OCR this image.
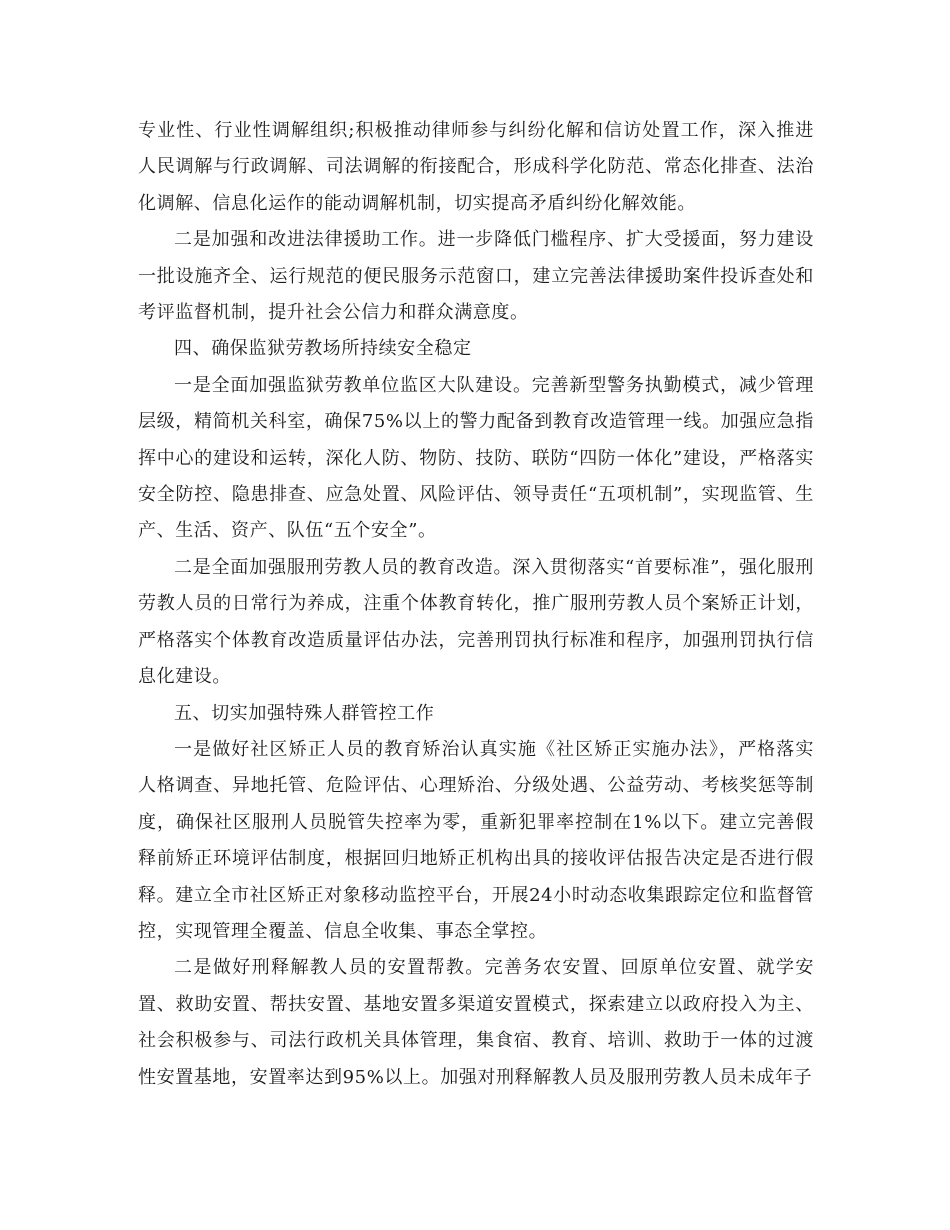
专业性、行业性调解组织;积极推动律师参与纠纷化解和信访处置工作，深入推进人民调解与行政调解、司法调解的衔接配合，形成科学化防范、常态化排查、法治化调解、信息化运作的能动调解机制，切实提高矛盾纠纷化解效能。

二是加强和改进法律援助工作。进一步降低门槛程序、扩大受援面，努力建设一批设施齐全、运行规范的便民服务示范窗口，建立完善法律援助案件投诉查处和考评监督机制，提升社会公信力和群众满意度。

四、确保监狱劳教场所持续安全稳定

一是全面加强监狱劳教单位监区大队建设。完善新型警务执勤模式，减少管理层级，精简机关科室，确保75%以上的警力配备到教育改造管理一线。加强应急指挥中心的建设和运转，深化人防、物防、技防、联防“四防一体化”建设，严格落实安全防控、隐患排查、应急处置、风险评估、领导责任“五项机制”，实现监管、生产、生活、资产、队伍“五个安全”。

二是全面加强服刑劳教人员的教育改造。深入贯彻落实“首要标准”，强化服刑劳教人员的日常行为养成，注重个体教育转化，推广服刑劳教人员个案矫正计划，严格落实个体教育改造质量评估办法，完善刑罚执行标准和程序，加强刑罚执行信息化建设。

五、切实加强特殊人群管控工作

一是做好社区矫正人员的教育矫治认真实施《社区矫正实施办法》，严格落实人格调查、异地托管、危险评估、心理矫治、分级处遇、公益劳动、考核奖惩等制度，确保社区服刑人员脱管失控率为零，重新犯罪率控制在1%以下。建立完善假释前矫正环境评估制度，根据回归地矫正机构出具的接收评估报告决定是否进行假释。建立全市社区矫正对象移动监控平台，开展24小时动态收集跟踪定位和监督管控，实现管理全覆盖、信息全收集、事态全掌控。

二是做好刑释解教人员的安置帮教。完善务农安置、回原单位安置、就学安置、救助安置、帮扶安置、基地安置多渠道安置模式，探索建立以政府投入为主、社会积极参与、司法行政机关具体管理，集食宿、教育、培训、救助于一体的过渡性安置基地，安置率达到95%以上。加强对刑释解教人员及服刑劳教人员未成年子
